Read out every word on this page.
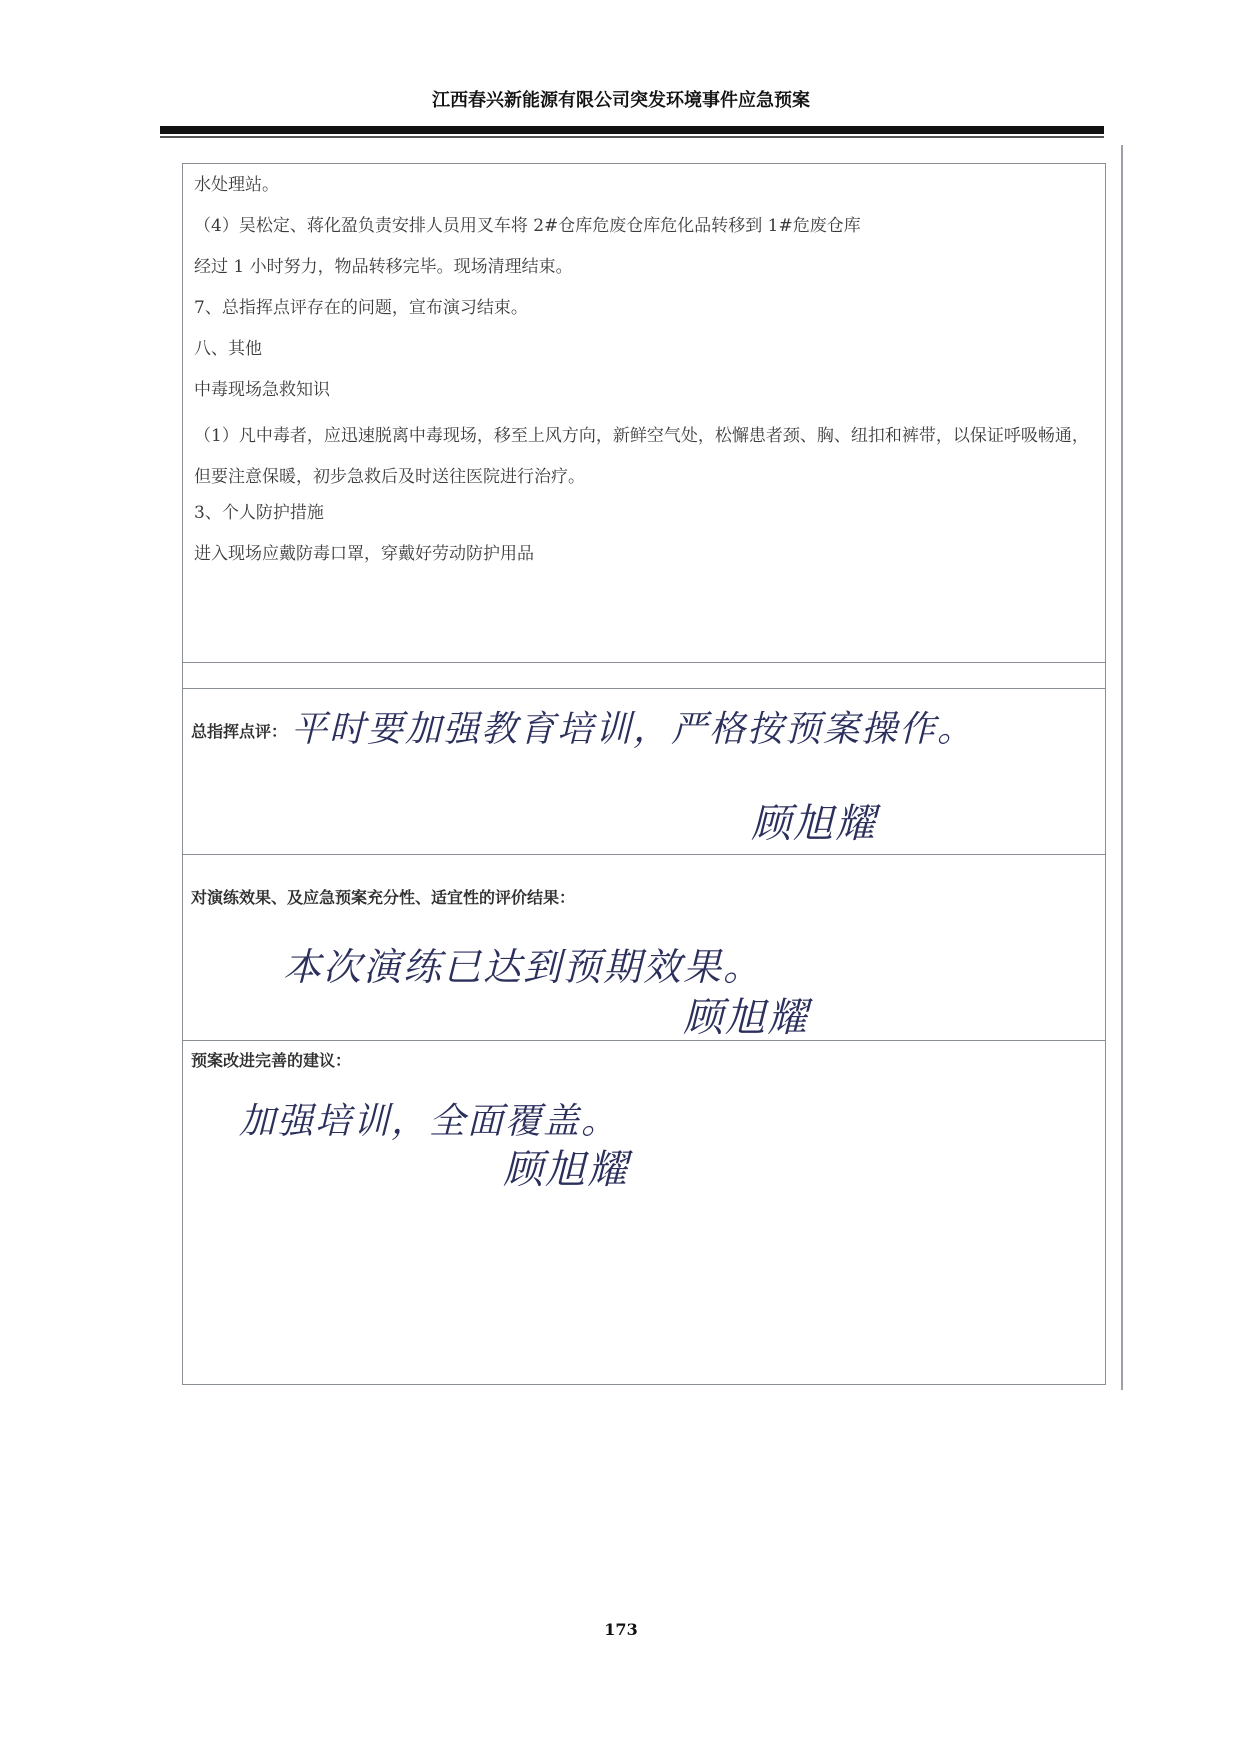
江西春兴新能源有限公司突发环境事件应急预案
水处理站。
（4）吴松定、蒋化盈负责安排人员用叉车将 2#仓库危废仓库危化品转移到 1#危废仓库
经过 1 小时努力，物品转移完毕。现场清理结束。
7、总指挥点评存在的问题，宣布演习结束。
八、其他
中毒现场急救知识
（1）凡中毒者，应迅速脱离中毒现场，移至上风方向，新鲜空气处，松懈患者颈、胸、纽扣和裤带，以保证呼吸畅通，但要注意保暖，初步急救后及时送往医院进行治疗。
3、个人防护措施
进入现场应戴防毒口罩，穿戴好劳动防护用品
总指挥点评： 平时要加强教育培训，严格按预案操作。
顾旭耀
对演练效果、及应急预案充分性、适宜性的评价结果：
本次演练已达到预期效果。
顾旭耀
预案改进完善的建议：
加强培训，全面覆盖。
顾旭耀
173
